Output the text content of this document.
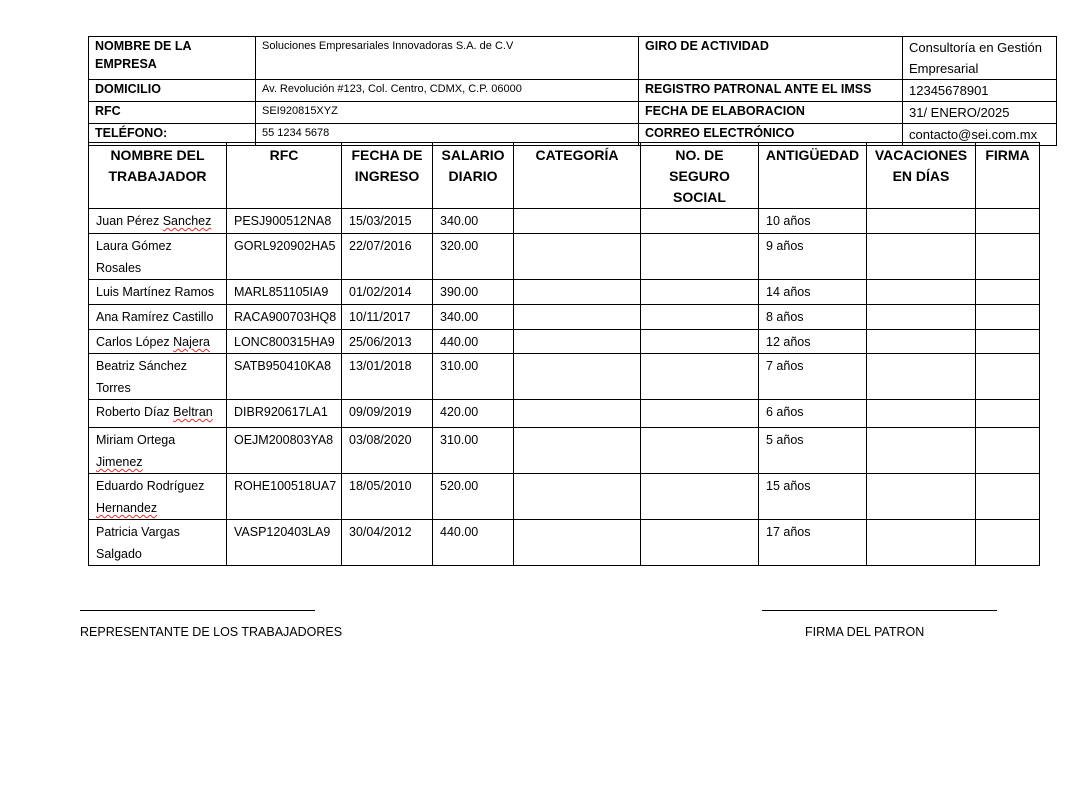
NOMBRE DE LA EMPRESA	Soluciones Empresariales Innovadoras S.A. de C.V	GIRO DE ACTIVIDAD	Consultoría en Gestión Empresarial
DOMICILIO	Av. Revolución #123, Col. Centro, CDMX, C.P. 06000	REGISTRO PATRONAL ANTE EL IMSS	12345678901
RFC	SEI920815XYZ	FECHA DE ELABORACION	31/ ENERO/2025
TELÉFONO:	55 1234 5678	CORREO ELECTRÓNICO	contacto@sei.com.mx
NOMBRE DEL TRABAJADOR	RFC	FECHA DE INGRESO	SALARIO DIARIO	CATEGORÍA	NO. DE SEGURO SOCIAL	ANTIGÜEDAD	VACACIONES EN DÍAS	FIRMA
Juan Pérez Sanchez	PESJ900512NA8	15/03/2015	340.00			10 años		
Laura Gómez Rosales	GORL920902HA5	22/07/2016	320.00			9 años		
Luis Martínez Ramos	MARL851105IA9	01/02/2014	390.00			14 años		
Ana Ramírez Castillo	RACA900703HQ8	10/11/2017	340.00			8 años		
Carlos López Najera	LONC800315HA9	25/06/2013	440.00			12 años		
Beatriz Sánchez Torres	SATB950410KA8	13/01/2018	310.00			7 años		
Roberto Díaz Beltran	DIBR920617LA1	09/09/2019	420.00			6 años		
Miriam Ortega Jimenez	OEJM200803YA8	03/08/2020	310.00			5 años		
Eduardo Rodríguez Hernandez	ROHE100518UA7	18/05/2010	520.00			15 años		
Patricia Vargas Salgado	VASP120403LA9	30/04/2012	440.00			17 años		
REPRESENTANTE DE LOS TRABAJADORES	FIRMA DEL PATRON
